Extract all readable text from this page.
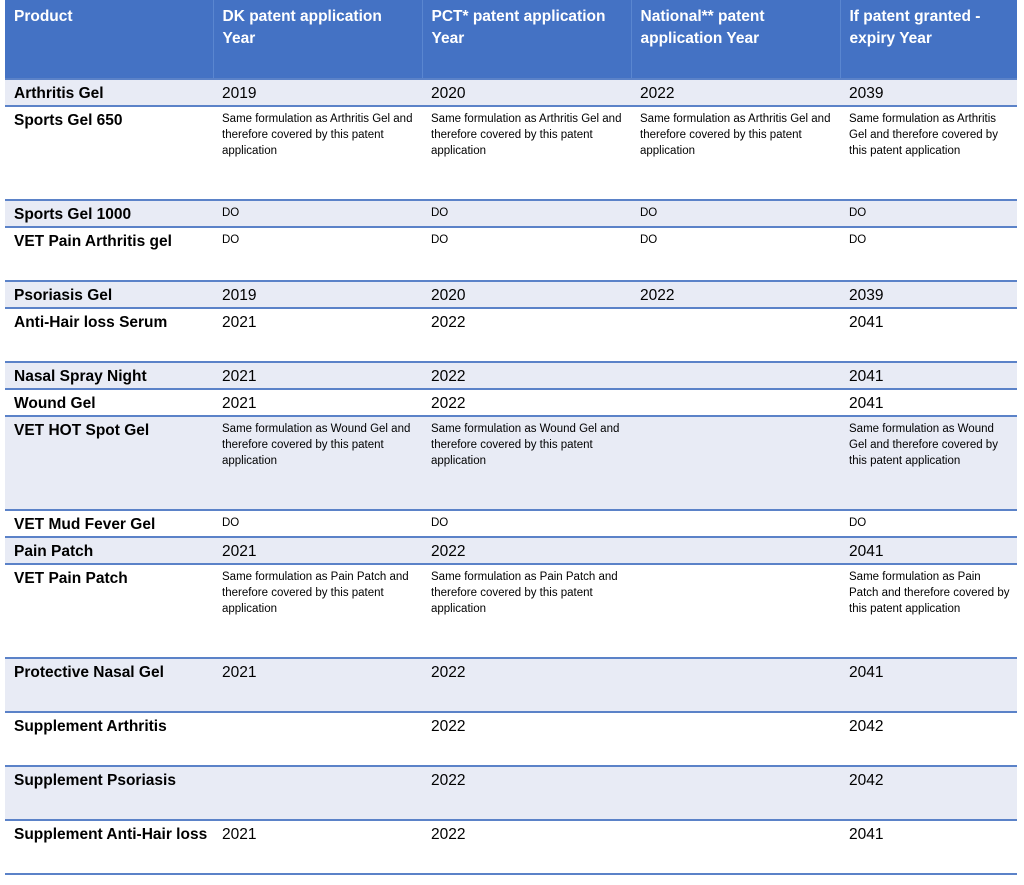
Product	DK patent application Year	PCT* patent application Year	National** patent application Year	If patent granted - expiry Year
Arthritis Gel	2019	2020	2022	2039
Sports Gel 650	Same formulation as Arthritis Gel and therefore covered by this patent application	Same formulation as Arthritis Gel and therefore covered by this patent application	Same formulation as Arthritis Gel and therefore covered by this patent application	Same formulation as Arthritis Gel and therefore covered by this patent application
Sports Gel 1000	DO	DO	DO	DO
VET Pain Arthritis gel	DO	DO	DO	DO
Psoriasis Gel	2019	2020	2022	2039
Anti-Hair loss Serum	2021	2022		2041
Nasal Spray Night	2021	2022		2041
Wound Gel	2021	2022		2041
VET HOT Spot Gel	Same formulation as Wound Gel and therefore covered by this patent application	Same formulation as Wound Gel and therefore covered by this patent application		Same formulation as Wound Gel and therefore covered by this patent application
VET Mud Fever Gel	DO	DO		DO
Pain Patch	2021	2022		2041
VET Pain Patch	Same formulation as Pain Patch and therefore covered by this patent application	Same formulation as Pain Patch and therefore covered by this patent application		Same formulation as Pain Patch and therefore covered by this patent application
Protective Nasal Gel	2021	2022		2041
Supplement Arthritis		2022		2042
Supplement Psoriasis		2022		2042
Supplement Anti-Hair loss	2021	2022		2041
